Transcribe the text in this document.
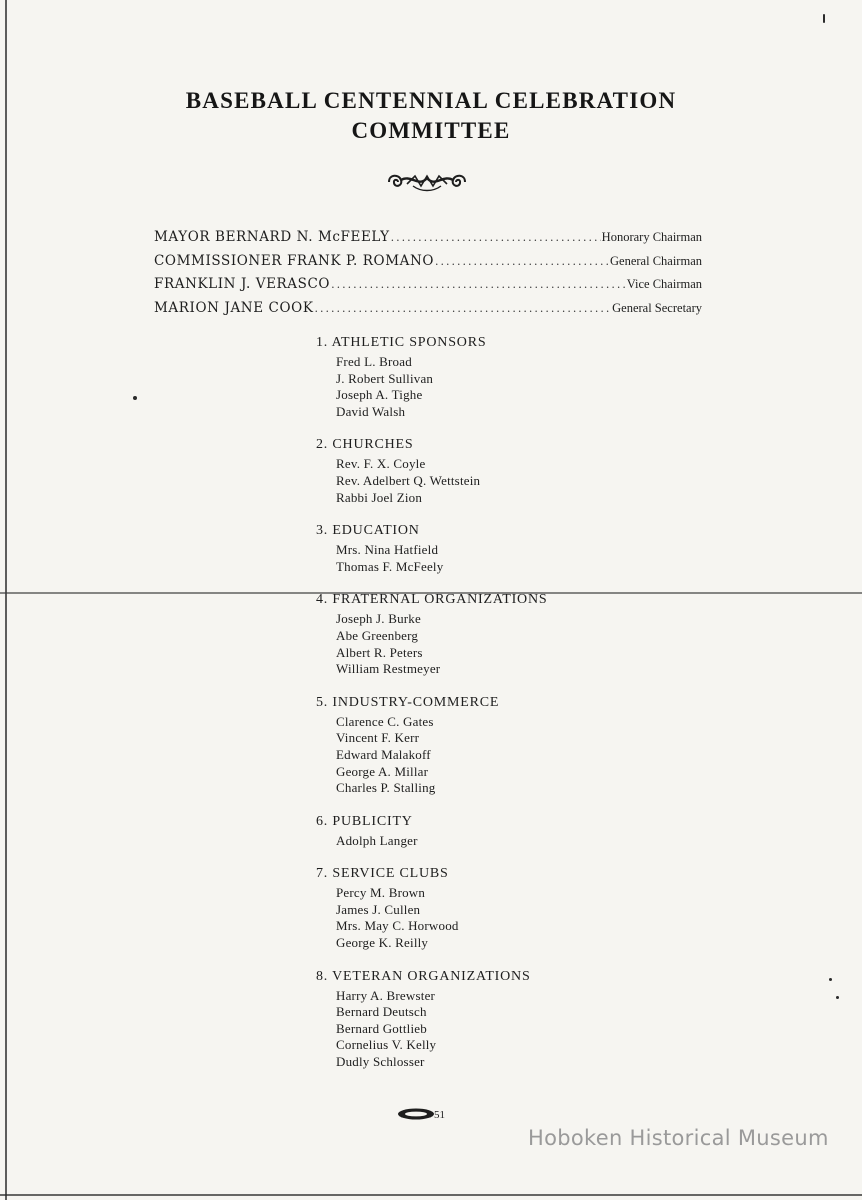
BASEBALL CENTENNIAL CELEBRATION
COMMITTEE
MAYOR BERNARD N. McFEELY .....	Honorary Chairman
COMMISSIONER FRANK P. ROMANO .....	General Chairman
FRANKLIN J. VERASCO .....	Vice Chairman
MARION JANE COOK .....	General Secretary
1. ATHLETIC SPONSORS
Fred L. Broad
J. Robert Sullivan
Joseph A. Tighe
David Walsh
2. CHURCHES
Rev. F. X. Coyle
Rev. Adelbert Q. Wettstein
Rabbi Joel Zion
3. EDUCATION
Mrs. Nina Hatfield
Thomas F. McFeely
4. FRATERNAL ORGANIZATIONS
Joseph J. Burke
Abe Greenberg
Albert R. Peters
William Restmeyer
5. INDUSTRY-COMMERCE
Clarence C. Gates
Vincent F. Kerr
Edward Malakoff
George A. Millar
Charles P. Stalling
6. PUBLICITY
Adolph Langer
7. SERVICE CLUBS
Percy M. Brown
James J. Cullen
Mrs. May C. Horwood
George K. Reilly
8. VETERAN ORGANIZATIONS
Harry A. Brewster
Bernard Deutsch
Bernard Gottlieb
Cornelius V. Kelly
Dudly Schlosser
51
Hoboken Historical Museum
